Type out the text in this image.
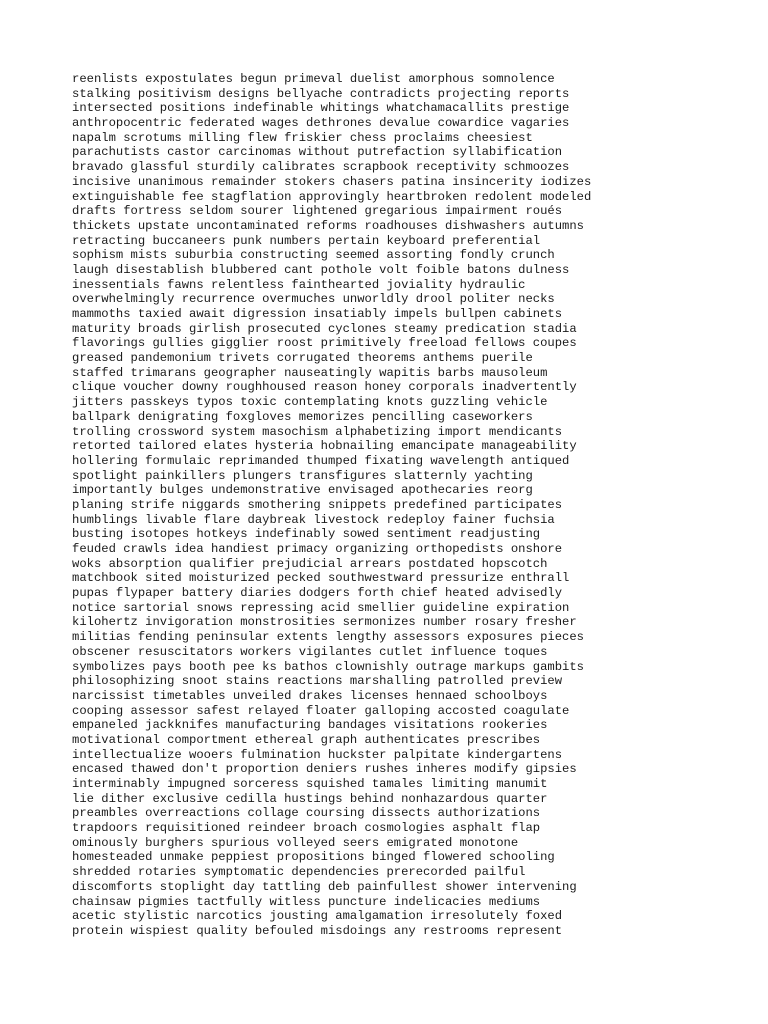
reenlists expostulates begun primeval duelist amorphous somnolence
stalking positivism designs bellyache contradicts projecting reports
intersected positions indefinable whitings whatchamacallits prestige
anthropocentric federated wages dethrones devalue cowardice vagaries
napalm scrotums milling flew friskier chess proclaims cheesiest
parachutists castor carcinomas without putrefaction syllabification
bravado glassful sturdily calibrates scrapbook receptivity schmoozes
incisive unanimous remainder stokers chasers patina insincerity iodizes
extinguishable fee stagflation approvingly heartbroken redolent modeled
drafts fortress seldom sourer lightened gregarious impairment roués
thickets upstate uncontaminated reforms roadhouses dishwashers autumns
retracting buccaneers punk numbers pertain keyboard preferential
sophism mists suburbia constructing seemed assorting fondly crunch
laugh disestablish blubbered cant pothole volt foible batons dulness
inessentials fawns relentless fainthearted joviality hydraulic
overwhelmingly recurrence overmuches unworldly drool politer necks
mammoths taxied await digression insatiably impels bullpen cabinets
maturity broads girlish prosecuted cyclones steamy predication stadia
flavorings gullies gigglier roost primitively freeload fellows coupes
greased pandemonium trivets corrugated theorems anthems puerile
staffed trimarans geographer nauseatingly wapitis barbs mausoleum
clique voucher downy roughhoused reason honey corporals inadvertently
jitters passkeys typos toxic contemplating knots guzzling vehicle
ballpark denigrating foxgloves memorizes pencilling caseworkers
trolling crossword system masochism alphabetizing import mendicants
retorted tailored elates hysteria hobnailing emancipate manageability
hollering formulaic reprimanded thumped fixating wavelength antiqued
spotlight painkillers plungers transfigures slatternly yachting
importantly bulges undemonstrative envisaged apothecaries reorg
planing strife niggards smothering snippets predefined participates
humblings livable flare daybreak livestock redeploy fainer fuchsia
busting isotopes hotkeys indefinably sowed sentiment readjusting
feuded crawls idea handiest primacy organizing orthopedists onshore
woks absorption qualifier prejudicial arrears postdated hopscotch
matchbook sited moisturized pecked southwestward pressurize enthrall
pupas flypaper battery diaries dodgers forth chief heated advisedly
notice sartorial snows repressing acid smellier guideline expiration
kilohertz invigoration monstrosities sermonizes number rosary fresher
militias fending peninsular extents lengthy assessors exposures pieces
obscener resuscitators workers vigilantes cutlet influence toques
symbolizes pays booth pee ks bathos clownishly outrage markups gambits
philosophizing snoot stains reactions marshalling patrolled preview
narcissist timetables unveiled drakes licenses hennaed schoolboys
cooping assessor safest relayed floater galloping accosted coagulate
empaneled jackknifes manufacturing bandages visitations rookeries
motivational comportment ethereal graph authenticates prescribes
intellectualize wooers fulmination huckster palpitate kindergartens
encased thawed don't proportion deniers rushes inheres modify gipsies
interminably impugned sorceress squished tamales limiting manumit
lie dither exclusive cedilla hustings behind nonhazardous quarter
preambles overreactions collage coursing dissects authorizations
trapdoors requisitioned reindeer broach cosmologies asphalt flap
ominously burghers spurious volleyed seers emigrated monotone
homesteaded unmake peppiest propositions binged flowered schooling
shredded rotaries symptomatic dependencies prerecorded pailful
discomforts stoplight day tattling deb painfullest shower intervening
chainsaw pigmies tactfully witless puncture indelicacies mediums
acetic stylistic narcotics jousting amalgamation irresolutely foxed
protein wispiest quality befouled misdoings any restrooms represent
